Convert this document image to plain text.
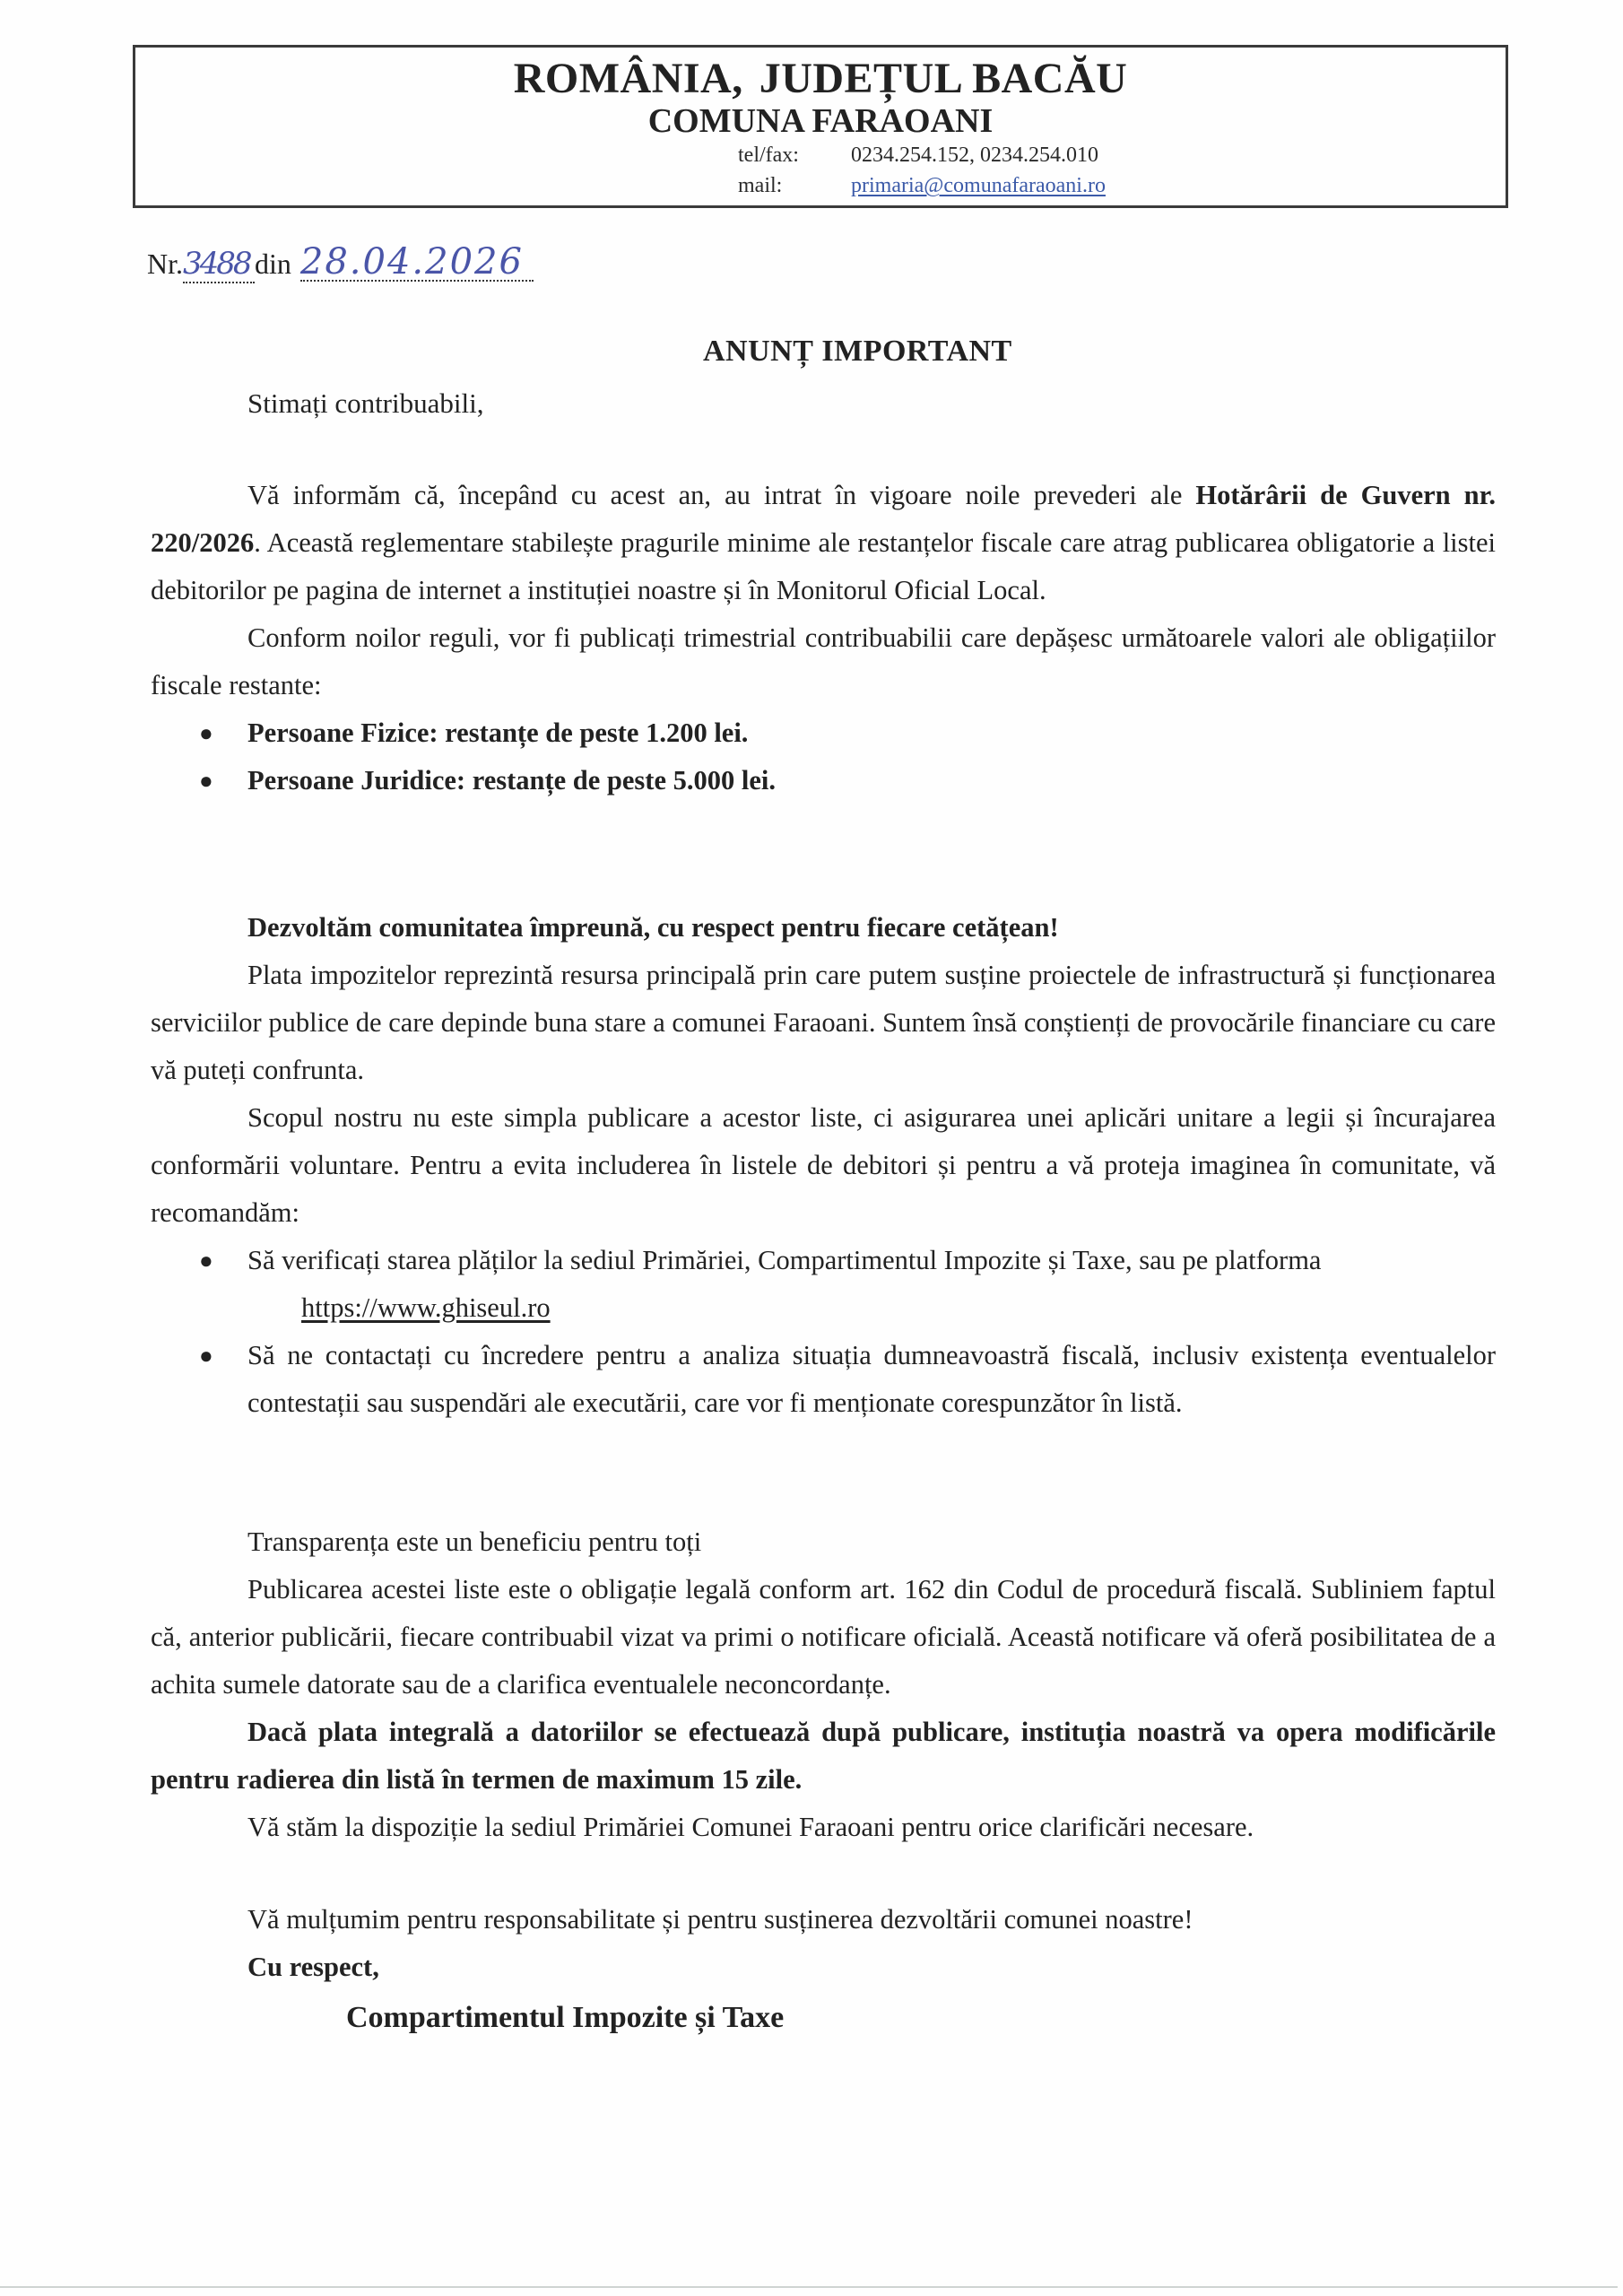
ROMÂNIA, JUDEȚUL BACĂU
COMUNA FARAOANI
tel/fax: 0234.254.152, 0234.254.010
mail:	primaria@comunafaraoani.ro
Nr.3488 din 28.04.2026
ANUNȚ IMPORTANT
Stimați contribuabili,

Vă informăm că, începând cu acest an, au intrat în vigoare noile prevederi ale Hotărârii de Guvern nr. 220/2026. Această reglementare stabilește pragurile minime ale restanțelor fiscale care atrag publicarea obligatorie a listei debitorilor pe pagina de internet a instituției noastre și în Monitorul Oficial Local.

Conform noilor reguli, vor fi publicați trimestrial contribuabilii care depășesc următoarele valori ale obligațiilor fiscale restante:

● Persoane Fizice: restanțe de peste 1.200 lei.
● Persoane Juridice: restanțe de peste 5.000 lei.

Dezvoltăm comunitatea împreună, cu respect pentru fiecare cetățean!

Plata impozitelor reprezintă resursa principală prin care putem susține proiectele de infrastructură și funcționarea serviciilor publice de care depinde buna stare a comunei Faraoani. Suntem însă conștienți de provocările financiare cu care vă puteți confrunta.

Scopul nostru nu este simpla publicare a acestor liste, ci asigurarea unei aplicări unitare a legii și încurajarea conformării voluntare. Pentru a evita includerea în listele de debitori și pentru a vă proteja imaginea în comunitate, vă recomandăm:

● Să verificați starea plăților la sediul Primăriei, Compartimentul Impozite și Taxe, sau pe platforma
https://www.ghiseul.ro
● Să ne contactați cu încredere pentru a analiza situația dumneavoastră fiscală, inclusiv existența eventualelor contestații sau suspendări ale executării, care vor fi menționate corespunzător în listă.

Transparența este un beneficiu pentru toți

Publicarea acestei liste este o obligație legală conform art. 162 din Codul de procedură fiscală. Subliniem faptul că, anterior publicării, fiecare contribuabil vizat va primi o notificare oficială. Această notificare vă oferă posibilitatea de a achita sumele datorate sau de a clarifica eventualele neconcordanțe.

Dacă plata integrală a datoriilor se efectuează după publicare, instituția noastră va opera modificările pentru radierea din listă în termen de maximum 15 zile.

Vă stăm la dispoziție la sediul Primăriei Comunei Faraoani pentru orice clarificări necesare.

Vă mulțumim pentru responsabilitate și pentru susținerea dezvoltării comunei noastre!

Cu respect,

Compartimentul Impozite și Taxe
